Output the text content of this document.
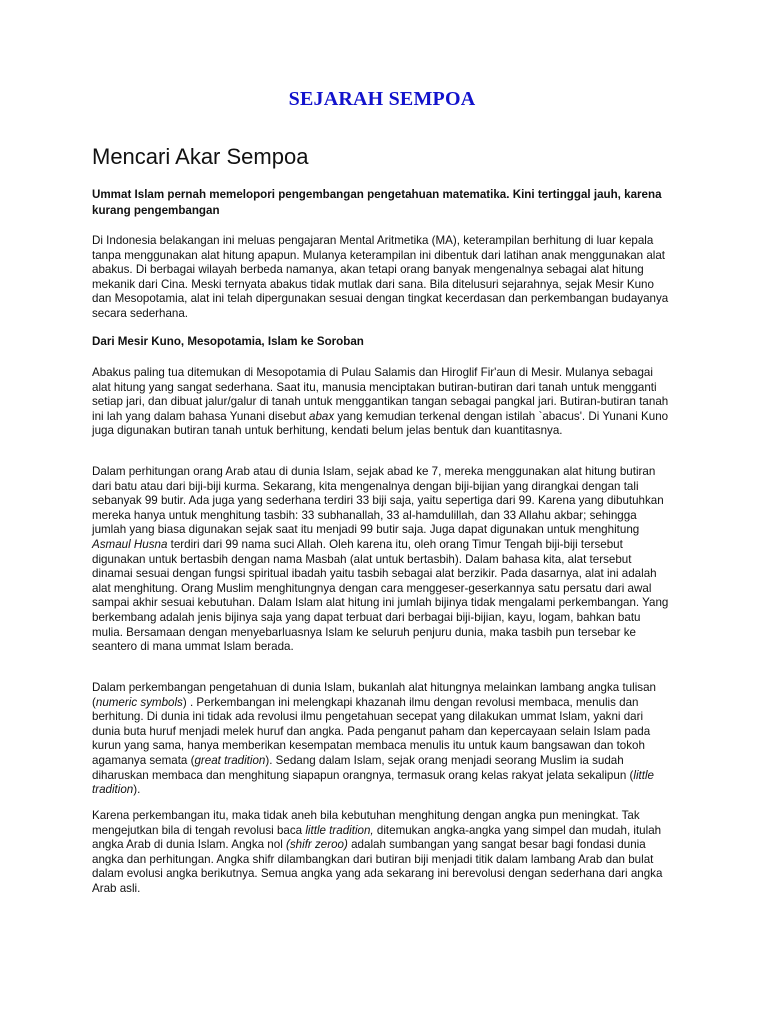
SEJARAH SEMPOA
Mencari Akar Sempoa

Ummat Islam pernah memelopori pengembangan pengetahuan matematika. Kini tertinggal jauh, karena kurang pengembangan

Di Indonesia belakangan ini meluas pengajaran Mental Aritmetika (MA), keterampilan berhitung di luar kepala tanpa menggunakan alat hitung apapun. Mulanya keterampilan ini dibentuk dari latihan anak menggunakan alat abakus. Di berbagai wilayah berbeda namanya, akan tetapi orang banyak mengenalnya sebagai alat hitung mekanik dari Cina. Meski ternyata abakus tidak mutlak dari sana. Bila ditelusuri sejarahnya, sejak Mesir Kuno dan Mesopotamia, alat ini telah dipergunakan sesuai dengan tingkat kecerdasan dan perkembangan budayanya secara sederhana.

Dari Mesir Kuno, Mesopotamia, Islam ke Soroban

Abakus paling tua ditemukan di Mesopotamia di Pulau Salamis dan Hiroglif Fir'aun di Mesir. Mulanya sebagai alat hitung yang sangat sederhana. Saat itu, manusia menciptakan butiran-butiran dari tanah untuk mengganti setiap jari, dan dibuat jalur/galur di tanah untuk menggantikan tangan sebagai pangkal jari. Butiran-butiran tanah ini lah yang dalam bahasa Yunani disebut abax yang kemudian terkenal dengan istilah `abacus'. Di Yunani Kuno juga digunakan butiran tanah untuk berhitung, kendati belum jelas bentuk dan kuantitasnya.

Dalam perhitungan orang Arab atau di dunia Islam, sejak abad ke 7, mereka menggunakan alat hitung butiran dari batu atau dari biji-biji kurma. Sekarang, kita mengenalnya dengan biji-bijian yang dirangkai dengan tali sebanyak 99 butir. Ada juga yang sederhana terdiri 33 biji saja, yaitu sepertiga dari 99. Karena yang dibutuhkan mereka hanya untuk menghitung tasbih: 33 subhanallah, 33 al-hamdulillah, dan 33 Allahu akbar; sehingga jumlah yang biasa digunakan sejak saat itu menjadi 99 butir saja. Juga dapat digunakan untuk menghitung Asmaul Husna terdiri dari 99 nama suci Allah. Oleh karena itu, oleh orang Timur Tengah biji-biji tersebut digunakan untuk bertasbih dengan nama Masbah (alat untuk bertasbih). Dalam bahasa kita, alat tersebut dinamai sesuai dengan fungsi spiritual ibadah yaitu tasbih sebagai alat berzikir. Pada dasarnya, alat ini adalah alat menghitung. Orang Muslim menghitungnya dengan cara menggeser-geserkannya satu persatu dari awal sampai akhir sesuai kebutuhan. Dalam Islam alat hitung ini jumlah bijinya tidak mengalami perkembangan. Yang berkembang adalah jenis bijinya saja yang dapat terbuat dari berbagai biji-bijian, kayu, logam, bahkan batu mulia. Bersamaan dengan menyebarluasnya Islam ke seluruh penjuru dunia, maka tasbih pun tersebar ke seantero di mana ummat Islam berada.

Dalam perkembangan pengetahuan di dunia Islam, bukanlah alat hitungnya melainkan lambang angka tulisan (numeric symbols) . Perkembangan ini melengkapi khazanah ilmu dengan revolusi membaca, menulis dan berhitung. Di dunia ini tidak ada revolusi ilmu pengetahuan secepat yang dilakukan ummat Islam, yakni dari dunia buta huruf menjadi melek huruf dan angka. Pada penganut paham dan kepercayaan selain Islam pada kurun yang sama, hanya memberikan kesempatan membaca menulis itu untuk kaum bangsawan dan tokoh agamanya semata (great tradition). Sedang dalam Islam, sejak orang menjadi seorang Muslim ia sudah diharuskan membaca dan menghitung siapapun orangnya, termasuk orang kelas rakyat jelata sekalipun (little tradition).

Karena perkembangan itu, maka tidak aneh bila kebutuhan menghitung dengan angka pun meningkat. Tak mengejutkan bila di tengah revolusi baca little tradition, ditemukan angka-angka yang simpel dan mudah, itulah angka Arab di dunia Islam. Angka nol (shifr zeroo) adalah sumbangan yang sangat besar bagi fondasi dunia angka dan perhitungan. Angka shifr dilambangkan dari butiran biji menjadi titik dalam lambang Arab dan bulat dalam evolusi angka berikutnya. Semua angka yang ada sekarang ini berevolusi dengan sederhana dari angka Arab asli.
